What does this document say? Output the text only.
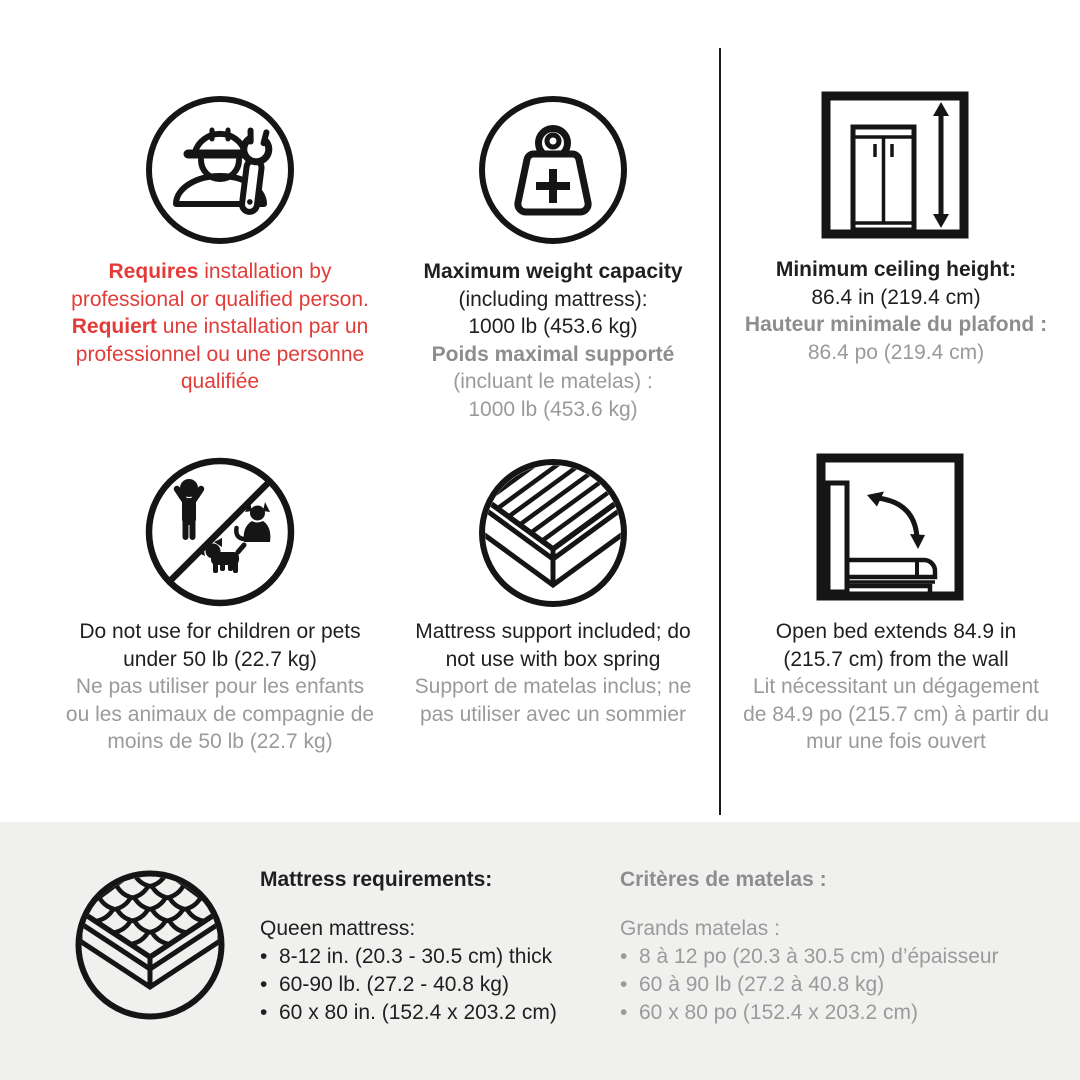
Requires installation by
professional or qualified person.
Requiert une installation par un
professionnel ou une personne
qualifiée
Maximum weight capacity
(including mattress):
1000 lb (453.6 kg)
Poids maximal supporté
(incluant le matelas) :
1000 lb (453.6 kg)
Minimum ceiling height:
86.4 in (219.4 cm)
Hauteur minimale du plafond :
86.4 po (219.4 cm)
Do not use for children or pets
under 50 lb (22.7 kg)
Ne pas utiliser pour les enfants
ou les animaux de compagnie de
moins de 50 lb (22.7 kg)
Mattress support included; do
not use with box spring
Support de matelas inclus; ne
pas utiliser avec un sommier
Open bed extends 84.9 in
(215.7 cm) from the wall
Lit nécessitant un dégagement
de 84.9 po (215.7 cm) à partir du
mur une fois ouvert
Mattress requirements:
Queen mattress:
• 8-12 in. (20.3 - 30.5 cm) thick
• 60-90 lb. (27.2 - 40.8 kg)
• 60 x 80 in. (152.4 x 203.2 cm)
Critères de matelas :
Grands matelas :
• 8 à 12 po (20.3 à 30.5 cm) d’épaisseur
• 60 à 90 lb (27.2 à 40.8 kg)
• 60 x 80 po (152.4 x 203.2 cm)
